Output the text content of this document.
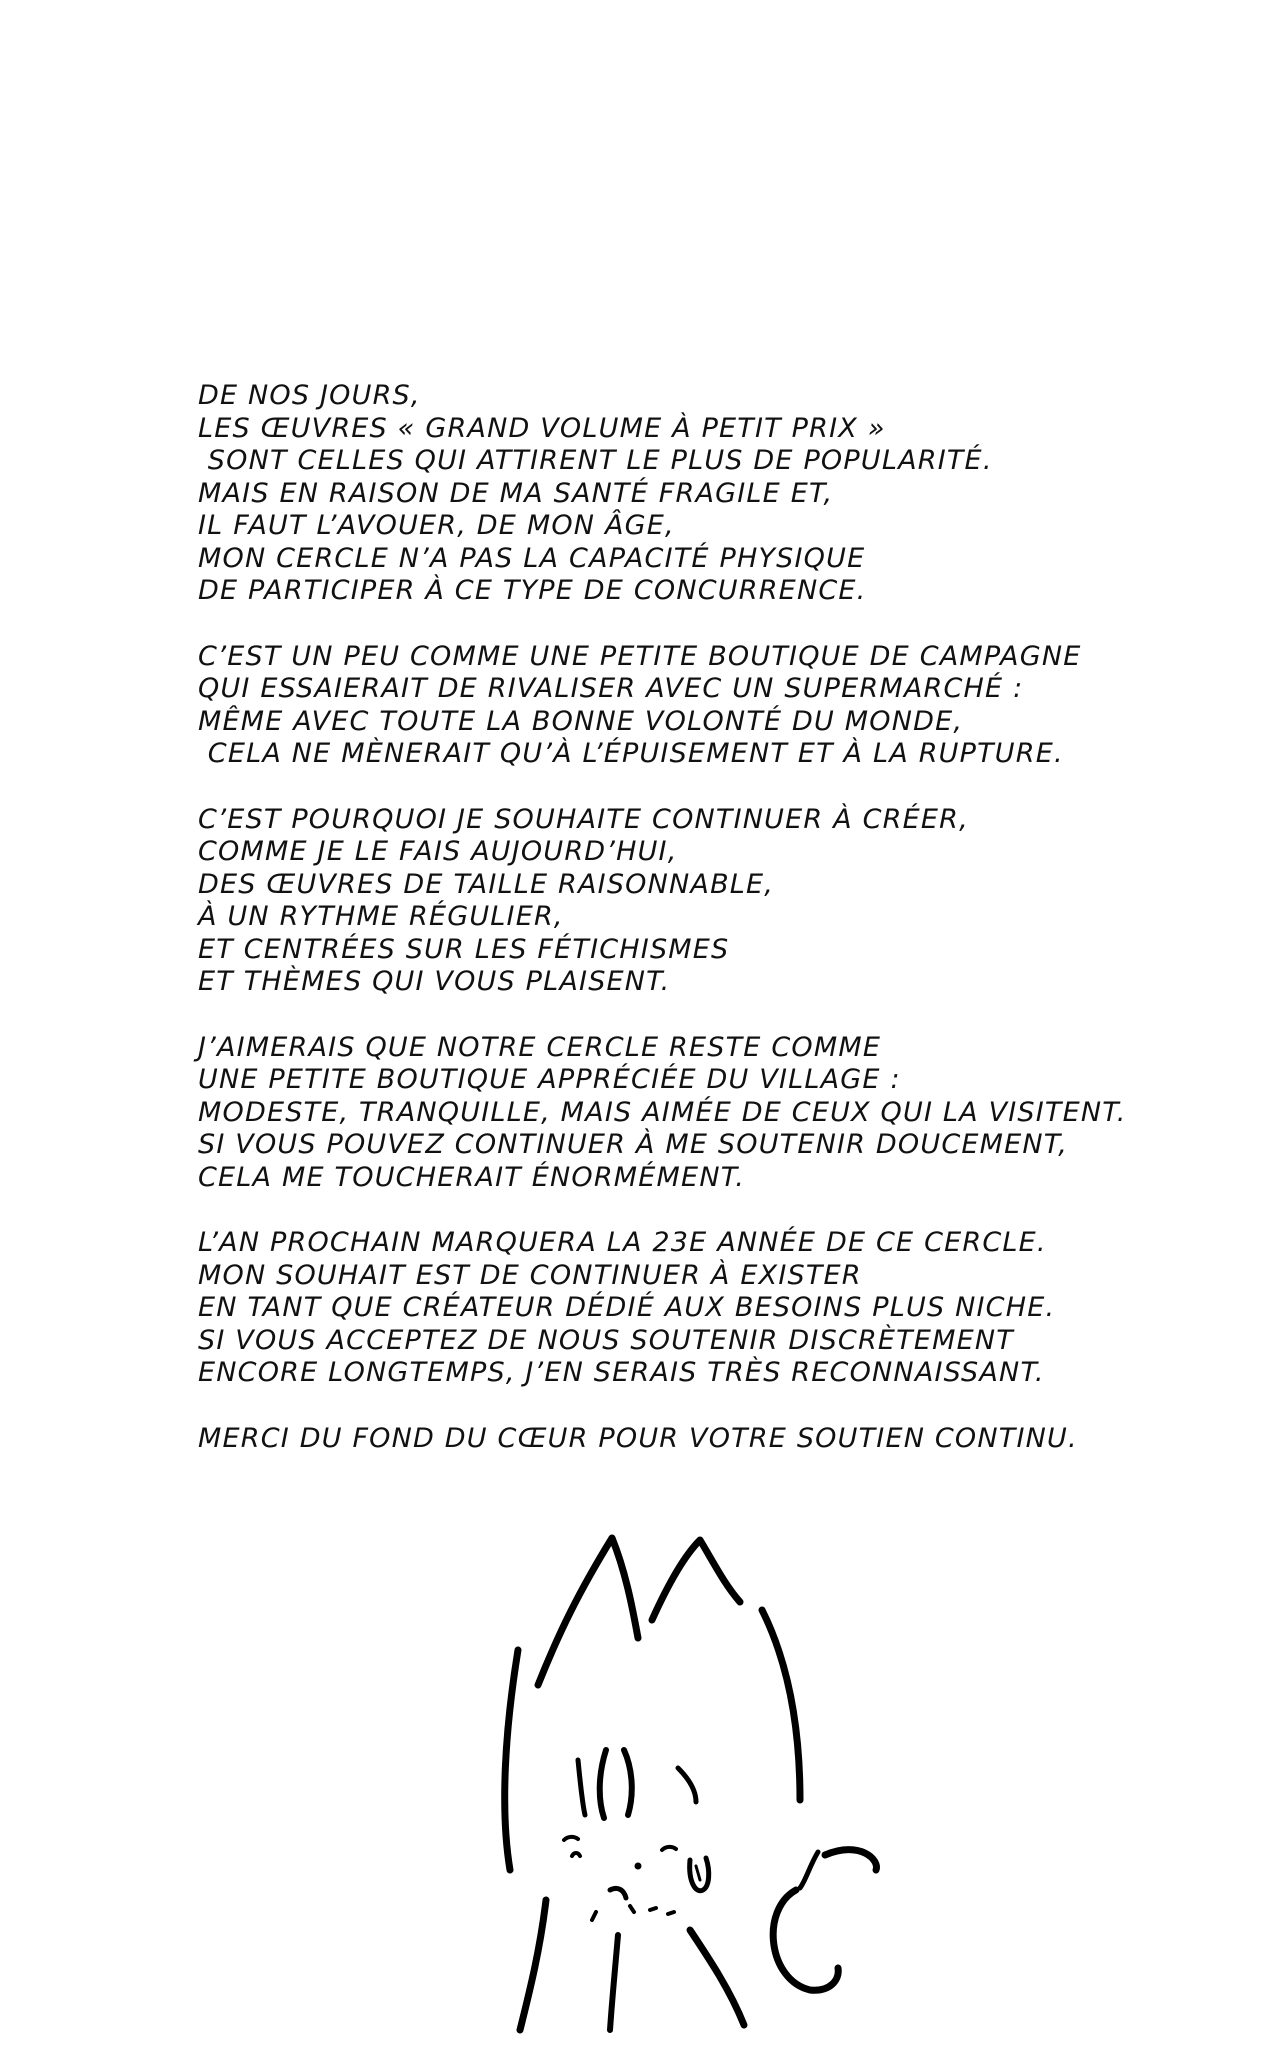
DE NOS JOURS,
LES ŒUVRES « GRAND VOLUME À PETIT PRIX »
SONT CELLES QUI ATTIRENT LE PLUS DE POPULARITÉ.
MAIS EN RAISON DE MA SANTÉ FRAGILE ET,
IL FAUT L’AVOUER, DE MON ÂGE,
MON CERCLE N’A PAS LA CAPACITÉ PHYSIQUE
DE PARTICIPER À CE TYPE DE CONCURRENCE.
C’EST UN PEU COMME UNE PETITE BOUTIQUE DE CAMPAGNE
QUI ESSAIERAIT DE RIVALISER AVEC UN SUPERMARCHÉ :
MÊME AVEC TOUTE LA BONNE VOLONTÉ DU MONDE,
CELA NE MÈNERAIT QU’À L’ÉPUISEMENT ET À LA RUPTURE.
C’EST POURQUOI JE SOUHAITE CONTINUER À CRÉER,
COMME JE LE FAIS AUJOURD’HUI,
DES ŒUVRES DE TAILLE RAISONNABLE,
À UN RYTHME RÉGULIER,
ET CENTRÉES SUR LES FÉTICHISMES
ET THÈMES QUI VOUS PLAISENT.
J’AIMERAIS QUE NOTRE CERCLE RESTE COMME
UNE PETITE BOUTIQUE APPRÉCIÉE DU VILLAGE :
MODESTE, TRANQUILLE, MAIS AIMÉE DE CEUX QUI LA VISITENT.
SI VOUS POUVEZ CONTINUER À ME SOUTENIR DOUCEMENT,
CELA ME TOUCHERAIT ÉNORMÉMENT.
L’AN PROCHAIN MARQUERA LA 23E ANNÉE DE CE CERCLE.
MON SOUHAIT EST DE CONTINUER À EXISTER
EN TANT QUE CRÉATEUR DÉDIÉ AUX BESOINS PLUS NICHE.
SI VOUS ACCEPTEZ DE NOUS SOUTENIR DISCRÈTEMENT
ENCORE LONGTEMPS, J’EN SERAIS TRÈS RECONNAISSANT.
MERCI DU FOND DU CŒUR POUR VOTRE SOUTIEN CONTINU.
